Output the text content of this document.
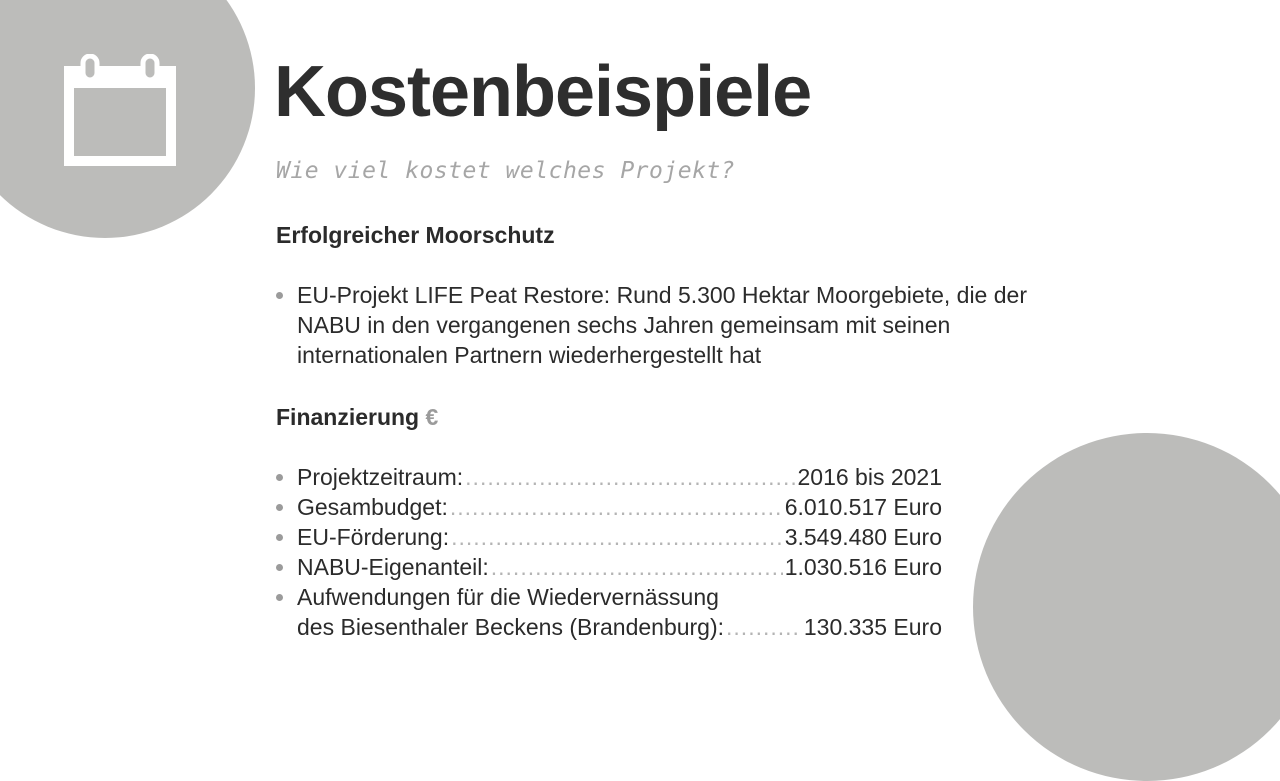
Kostenbeispiele
Wie viel kostet welches Projekt?
Erfolgreicher Moorschutz
EU-Projekt LIFE Peat Restore: Rund 5.300 Hektar Moorgebiete, die der NABU in den vergangenen sechs Jahren gemeinsam mit seinen internationalen Partnern wiederhergestellt hat
Finanzierung €
Projektzeitraum: .....	2016 bis 2021
Gesambudget: .....	6.010.517 Euro
EU-Förderung: .....	3.549.480 Euro
NABU-Eigenanteil: .....	1.030.516 Euro
Aufwendungen für die Wiedervernässung
des Biesenthaler Beckens (Brandenburg): .....	130.335 Euro
